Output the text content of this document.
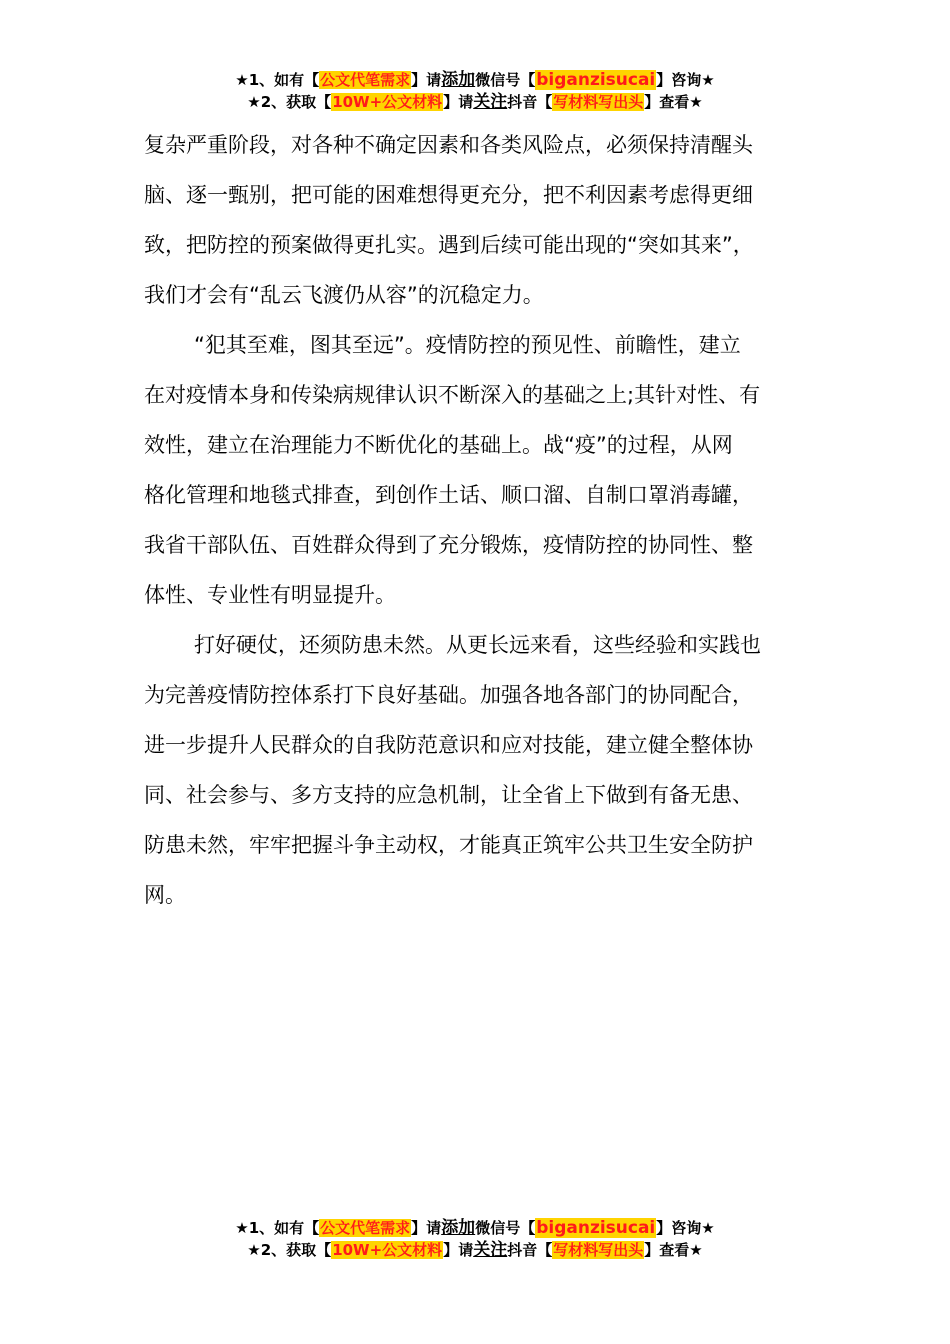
★1、如有【公文代笔需求】请添加微信号【biganzisucai】咨询★
★2、获取【10W+公文材料】请关注抖音【写材料写出头】查看★

复杂严重阶段，对各种不确定因素和各类风险点，必须保持清醒头

脑、逐一甄别，把可能的困难想得更充分，把不利因素考虑得更细

致，把防控的预案做得更扎实。遇到后续可能出现的“突如其来”，

我们才会有“乱云飞渡仍从容”的沉稳定力。

“犯其至难，图其至远”。疫情防控的预见性、前瞻性，建立

在对疫情本身和传染病规律认识不断深入的基础之上;其针对性、有

效性，建立在治理能力不断优化的基础上。战“疫”的过程，从网

格化管理和地毯式排查，到创作土话、顺口溜、自制口罩消毒罐，

我省干部队伍、百姓群众得到了充分锻炼，疫情防控的协同性、整

体性、专业性有明显提升。

打好硬仗，还须防患未然。从更长远来看，这些经验和实践也

为完善疫情防控体系打下良好基础。加强各地各部门的协同配合，

进一步提升人民群众的自我防范意识和应对技能，建立健全整体协

同、社会参与、多方支持的应急机制，让全省上下做到有备无患、

防患未然，牢牢把握斗争主动权，才能真正筑牢公共卫生安全防护

网。

★1、如有【公文代笔需求】请添加微信号【biganzisucai】咨询★
★2、获取【10W+公文材料】请关注抖音【写材料写出头】查看★
